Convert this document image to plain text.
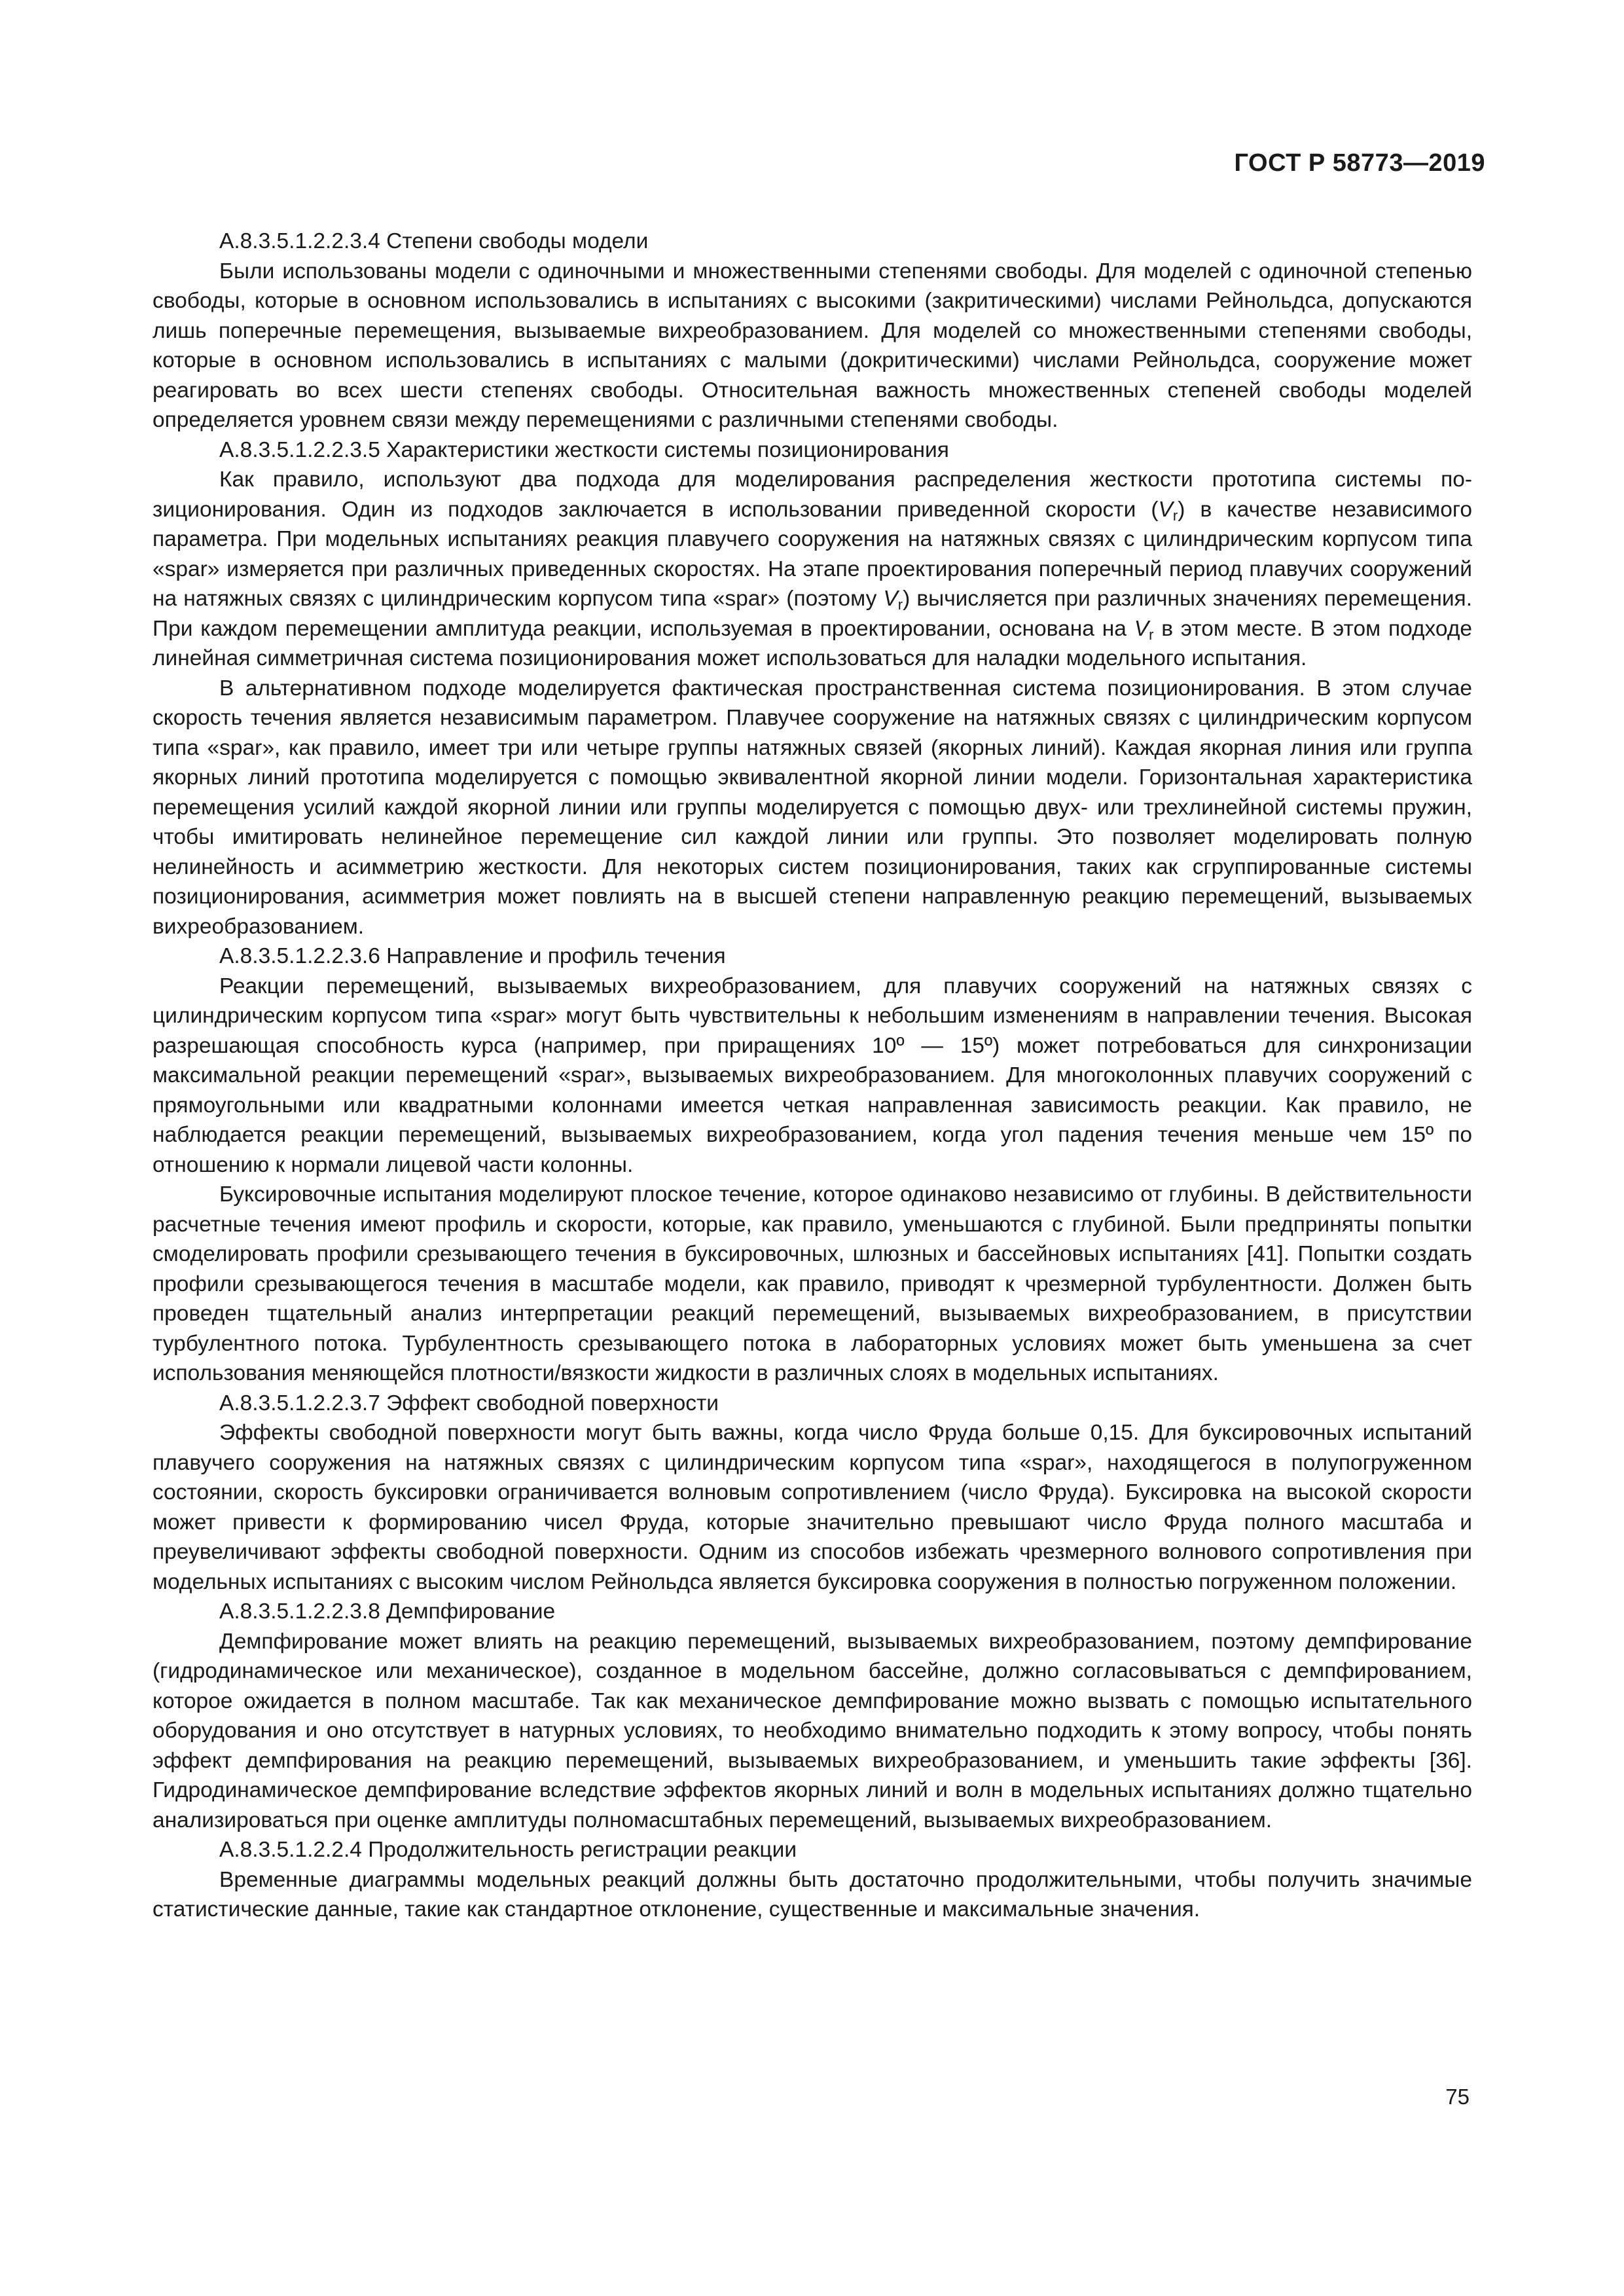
ГОСТ Р 58773—2019

А.8.3.5.1.2.2.3.4 Степени свободы модели

Были использованы модели с одиночными и множественными степенями свободы. Для моделей с одиночной степенью свободы, которые в основном использовались в испытаниях с высокими (закритическими) числами Рейнольдса, допускаются лишь поперечные перемещения, вызываемые вихреобразованием. Для моделей со множественными степенями свободы, которые в основном использовались в испытаниях с малыми (докритическими) числами Рейнольдса, сооружение может реагировать во всех шести степенях свободы. Относительная важность множественных степеней свободы моделей определяется уровнем связи между перемещениями с различными степенями свободы.

А.8.3.5.1.2.2.3.5 Характеристики жесткости системы позиционирования

Как правило, используют два подхода для моделирования распределения жесткости прототипа системы позиционирования. Один из подходов заключается в использовании приведенной скорости $(V_r)$ в качестве независимого параметра. При модельных испытаниях реакция плавучего сооружения на натяжных связях с цилиндрическим корпусом типа «spar» измеряется при различных приведенных скоростях. На этапе проектирования поперечный период плавучих сооружений на натяжных связях с цилиндрическим корпусом типа «spar» (поэтому $V_r$) вычисляется при различных значениях перемещения. При каждом перемещении амплитуда реакции, используемая в проектировании, основана на $V_r$ в этом месте. В этом подходе линейная симметричная система позиционирования может использоваться для наладки модельного испытания.

В альтернативном подходе моделируется фактическая пространственная система позиционирования. В этом случае скорость течения является независимым параметром. Плавучее сооружение на натяжных связях с цилиндрическим корпусом типа «spar», как правило, имеет три или четыре группы натяжных связей (якорных линий). Каждая якорная линия или группа якорных линий прототипа моделируется с помощью эквивалентной якорной линии модели. Горизонтальная характеристика перемещения усилий каждой якорной линии или группы моделируется с помощью двух- или трехлинейной системы пружин, чтобы имитировать нелинейное перемещение сил каждой линии или группы. Это позволяет моделировать полную нелинейность и асимметрию жесткости. Для некоторых систем позиционирования, таких как сгруппированные системы позиционирования, асимметрия может повлиять на в высшей степени направленную реакцию перемещений, вызываемых вихреобразованием.

А.8.3.5.1.2.2.3.6 Направление и профиль течения

Реакции перемещений, вызываемых вихреобразованием, для плавучих сооружений на натяжных связях с цилиндрическим корпусом типа «spar» могут быть чувствительны к небольшим изменениям в направлении течения. Высокая разрешающая способность курса (например, при приращениях 10º — 15º) может потребоваться для синхронизации максимальной реакции перемещений «spar», вызываемых вихреобразованием. Для многоколонных плавучих сооружений с прямоугольными или квадратными колоннами имеется четкая направленная зависимость реакции. Как правило, не наблюдается реакции перемещений, вызываемых вихреобразованием, когда угол падения течения меньше чем 15º по отношению к нормали лицевой части колонны.

Буксировочные испытания моделируют плоское течение, которое одинаково независимо от глубины. В действительности расчетные течения имеют профиль и скорости, которые, как правило, уменьшаются с глубиной. Были предприняты попытки смоделировать профили срезывающего течения в буксировочных, шлюзных и бассейновых испытаниях [41]. Попытки создать профили срезывающегося течения в масштабе модели, как правило, приводят к чрезмерной турбулентности. Должен быть проведен тщательный анализ интерпретации реакций перемещений, вызываемых вихреобразованием, в присутствии турбулентного потока. Турбулентность срезывающего потока в лабораторных условиях может быть уменьшена за счет использования меняющейся плотности/вязкости жидкости в различных слоях в модельных испытаниях.

А.8.3.5.1.2.2.3.7 Эффект свободной поверхности

Эффекты свободной поверхности могут быть важны, когда число Фруда больше 0,15. Для буксировочных испытаний плавучего сооружения на натяжных связях с цилиндрическим корпусом типа «spar», находящегося в полупогруженном состоянии, скорость буксировки ограничивается волновым сопротивлением (число Фруда). Буксировка на высокой скорости может привести к формированию чисел Фруда, которые значительно превышают число Фруда полного масштаба и преувеличивают эффекты свободной поверхности. Одним из способов избежать чрезмерного волнового сопротивления при модельных испытаниях с высоким числом Рейнольдса является буксировка сооружения в полностью погруженном положении.

А.8.3.5.1.2.2.3.8 Демпфирование

Демпфирование может влиять на реакцию перемещений, вызываемых вихреобразованием, поэтому демпфирование (гидродинамическое или механическое), созданное в модельном бассейне, должно согласовываться с демпфированием, которое ожидается в полном масштабе. Так как механическое демпфирование можно вызвать с помощью испытательного оборудования и оно отсутствует в натурных условиях, то необходимо внимательно подходить к этому вопросу, чтобы понять эффект демпфирования на реакцию перемещений, вызываемых вихреобразованием, и уменьшить такие эффекты [36]. Гидродинамическое демпфирование вследствие эффектов якорных линий и волн в модельных испытаниях должно тщательно анализироваться при оценке амплитуды полномасштабных перемещений, вызываемых вихреобразованием.

А.8.3.5.1.2.2.4 Продолжительность регистрации реакции

Временные диаграммы модельных реакций должны быть достаточно продолжительными, чтобы получить значимые статистические данные, такие как стандартное отклонение, существенные и максимальные значения.

75
